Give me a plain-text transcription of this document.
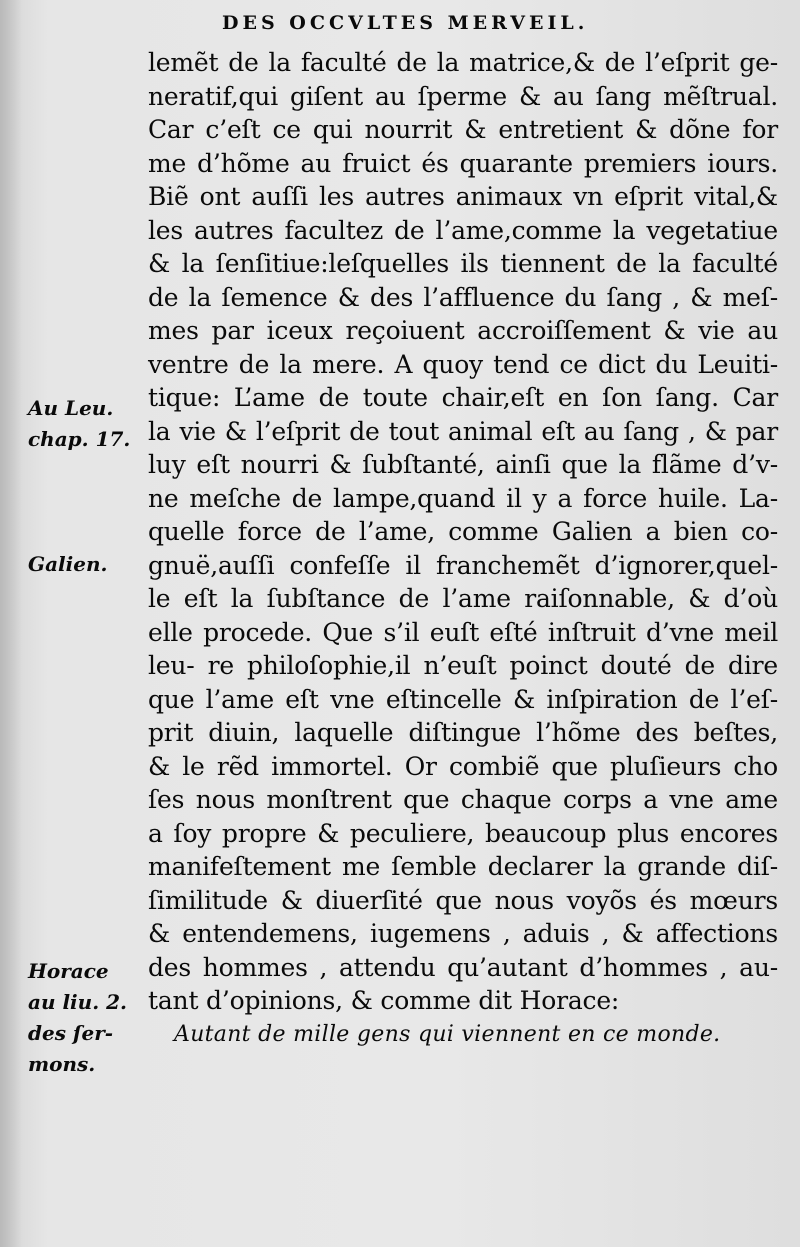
DES OCCVLTES MERVEIL.
Au Leu.
chap. 17.
Galien.
Horace
au liu. 2.
des ſer-
mons.
lemẽt de la faculté de la matrice,& de l’eſprit ge-
neratif,qui giſent au ſperme & au ſang mẽſtrual.
Car c’eſt ce qui nourrit & entretient & dõne for
me d’hõme au fruict és quarante premiers iours.
Biẽ ont auſſi les autres animaux vn eſprit vital,&
les autres facultez de l’ame,comme la vegetatiue
& la ſenſitiue:leſquelles ils tiennent de la faculté
de la ſemence & des l’affluence du ſang , & meſ-
mes par iceux reçoiuent accroiſſement & vie au
ventre de la mere. A quoy tend ce dict du Leuiti-
tique: L’ame de toute chair,eſt en ſon ſang. Car
la vie & l’eſprit de tout animal eſt au ſang , & par
luy eſt nourri & ſubſtanté, ainſi que la flãme d’v-
ne meſche de lampe,quand il y a force huile. La-
quelle force de l’ame, comme Galien a bien co-
gnuë,auſſi confeſſe il franchemẽt d’ignorer,quel-
le eſt la ſubſtance de l’ame raiſonnable, & d’où
elle procede. Que s’il euſt eſté inſtruit d’vne meil
leu- re philoſophie,il n’euſt poinct douté de dire
que l’ame eſt vne eſtincelle & inſpiration de l’eſ-
prit diuin, laquelle diſtingue l’hõme des beſtes,
& le rẽd immortel. Or combiẽ que pluſieurs cho
ſes nous monſtrent que chaque corps a vne ame
a ſoy propre & peculiere, beaucoup plus encores
manifeſtement me ſemble declarer la grande diſ-
ſimilitude & diuerſité que nous voyõs és mœurs
& entendemens, iugemens , aduis , & affections
des hommes , attendu qu’autant d’hommes , au-
tant d’opinions, & comme dit Horace:
Autant de mille gens qui viennent en ce monde.
